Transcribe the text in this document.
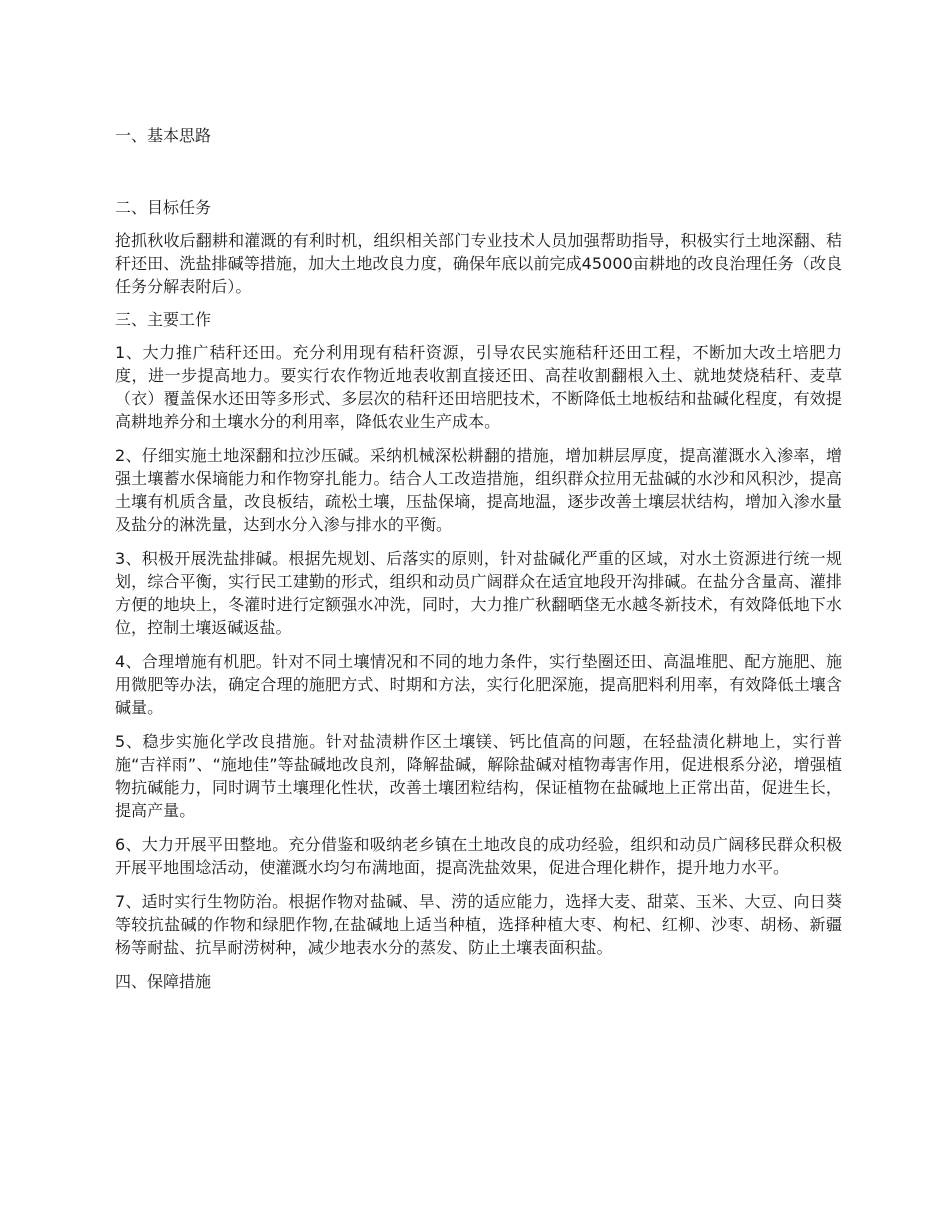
一、基本思路

二、目标任务

抢抓秋收后翻耕和灌溉的有利时机，组织相关部门专业技术人员加强帮助指导，积极实行土地深翻、秸秆还田、洗盐排碱等措施，加大土地改良力度，确保年底以前完成45000亩耕地的改良治理任务（改良任务分解表附后）。

三、主要工作

1、大力推广秸秆还田。充分利用现有秸秆资源，引导农民实施秸秆还田工程，不断加大改土培肥力度，进一步提高地力。要实行农作物近地表收割直接还田、高茬收割翻根入土、就地焚烧秸秆、麦草（衣）覆盖保水还田等多形式、多层次的秸秆还田培肥技术，不断降低土地板结和盐碱化程度，有效提高耕地养分和土壤水分的利用率，降低农业生产成本。

2、仔细实施土地深翻和拉沙压碱。采纳机械深松耕翻的措施，增加耕层厚度，提高灌溉水入渗率，增强土壤蓄水保墒能力和作物穿扎能力。结合人工改造措施，组织群众拉用无盐碱的水沙和风积沙，提高土壤有机质含量，改良板结，疏松土壤，压盐保墒，提高地温，逐步改善土壤层状结构，增加入渗水量及盐分的淋洗量，达到水分入渗与排水的平衡。

3、积极开展洗盐排碱。根据先规划、后落实的原则，针对盐碱化严重的区域，对水土资源进行统一规划，综合平衡，实行民工建勤的形式，组织和动员广阔群众在适宜地段开沟排碱。在盐分含量高、灌排方便的地块上，冬灌时进行定额强水冲洗，同时，大力推广秋翻晒垡无水越冬新技术，有效降低地下水位，控制土壤返碱返盐。

4、合理增施有机肥。针对不同土壤情况和不同的地力条件，实行垫圈还田、高温堆肥、配方施肥、施用微肥等办法，确定合理的施肥方式、时期和方法，实行化肥深施，提高肥料利用率，有效降低土壤含碱量。

5、稳步实施化学改良措施。针对盐渍耕作区土壤镁、钙比值高的问题，在轻盐渍化耕地上，实行普施“吉祥雨”、“施地佳”等盐碱地改良剂，降解盐碱，解除盐碱对植物毒害作用，促进根系分泌，增强植物抗碱能力，同时调节土壤理化性状，改善土壤团粒结构，保证植物在盐碱地上正常出苗，促进生长，提高产量。

6、大力开展平田整地。充分借鉴和吸纳老乡镇在土地改良的成功经验，组织和动员广阔移民群众积极开展平地围埝活动，使灌溉水均匀布满地面，提高洗盐效果，促进合理化耕作，提升地力水平。

7、适时实行生物防治。根据作物对盐碱、旱、涝的适应能力，选择大麦、甜菜、玉米、大豆、向日葵等较抗盐碱的作物和绿肥作物,在盐碱地上适当种植，选择种植大枣、枸杞、红柳、沙枣、胡杨、新疆杨等耐盐、抗旱耐涝树种，减少地表水分的蒸发、防止土壤表面积盐。

四、保障措施
